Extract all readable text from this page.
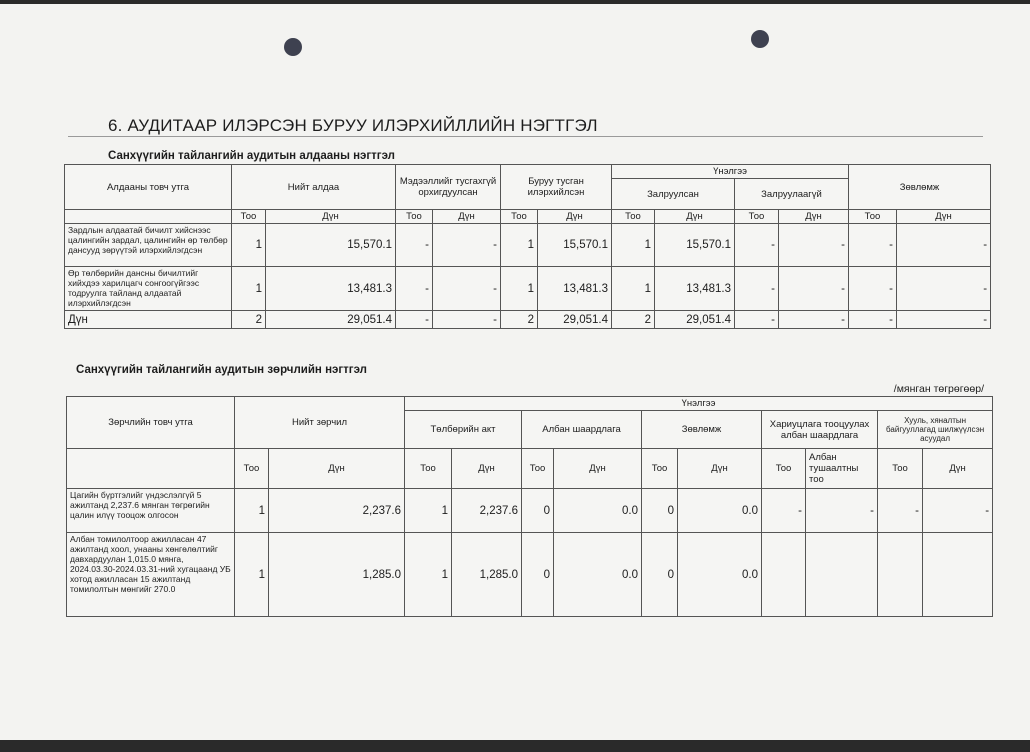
6. АУДИТААР ИЛЭРСЭН БУРУУ ИЛЭРХИЙЛЛИЙН НЭГТГЭЛ
Санхүүгийн тайлангийн аудитын алдааны нэгтгэл
Алдааны товч утга	Нийт алдаа		Мэдээллийг тусгахгүй орхигдуулсан		Буруу тусган илэрхийлсэн		Үнэлгээ				Зөвлөмж	
							Залруулсан		Залруулаагүй			
	Тоо	Дүн	Тоо	Дүн	Тоо	Дүн	Тоо	Дүн	Тоо	Дүн	Тоо	Дүн
Зардлын алдаатай бичилт хийснээс цалингийн зардал, цалингийн өр төлбөр дансууд зөрүүтэй илэрхийлэгдсэн	1	15,570.1	-	-	1	15,570.1	1	15,570.1	-	-	-	-
Өр төлбөрийн дансны бичилтийг хийхдээ харилцагч сонгоогүйгээс тодруулга тайланд алдаатай илэрхийлэгдсэн	1	13,481.3	-	-	1	13,481.3	1	13,481.3	-	-	-	-
Дүн	2	29,051.4	-	-	2	29,051.4	2	29,051.4	-	-	-	-
Санхүүгийн тайлангийн аудитын зөрчлийн нэгтгэл
/мянган төгрөгөөр/
Зөрчлийн товч утга	Нийт зөрчил		Үнэлгээ									
			Төлбөрийн акт		Албан шаардлага		Зөвлөмж		Хариуцлага тооцуулах албан шаардлага		Хууль, хяналтын байгууллагад шилжүүлсэн асуудал	

	Тоо	Дүн	Тоо	Дүн	Тоо	Дүн	Тоо	Дүн	Тоо	Албан тушаалтны тоо	Тоо	Дүн
Цагийн бүртгэлийг үндэслэлгүй 5 ажилтанд 2,237.6 мянган төгрөгийн цалин илүү тооцож олгосон	1	2,237.6	1	2,237.6	0	0.0	0	0.0	-	-	-	-
Албан томилолтоор ажилласан 47 ажилтанд хоол, унааны хөнгөлөлтийг давхардуулан 1,015.0 мянга, 2024.03.30-2024.03.31-ний хугацаанд УБ хотод ажилласан 15 ажилтанд томилолтын мөнгийг 270.0	1	1,285.0	1	1,285.0	0	0.0	0	0.0				
